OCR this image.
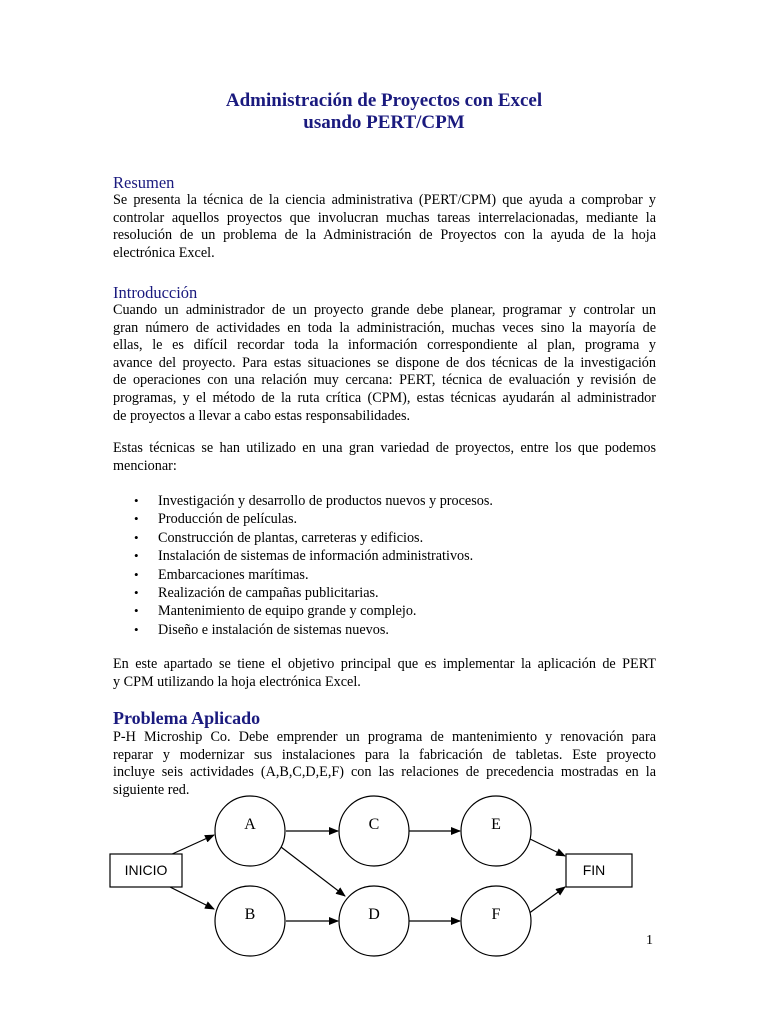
Administración de Proyectos con Excel
usando PERT/CPM
Resumen
Se presenta la técnica de la ciencia administrativa (PERT/CPM) que ayuda a comprobar y
controlar aquellos proyectos que involucran muchas tareas interrelacionadas, mediante la
resolución de un problema de la Administración de Proyectos con la ayuda de la hoja
electrónica Excel.
Introducción
Cuando un administrador de un proyecto grande debe planear, programar y controlar un
gran número de actividades en toda la administración, muchas veces sino la mayoría de
ellas, le es difícil recordar toda la información correspondiente al plan, programa y
avance del proyecto. Para estas situaciones se dispone de dos técnicas de la investigación
de operaciones con una relación muy cercana: PERT, técnica de evaluación y revisión de
programas, y el método de la ruta crítica (CPM), estas técnicas ayudarán al administrador
de proyectos a llevar a cabo estas responsabilidades.
Estas técnicas se han utilizado en una gran variedad de proyectos, entre los que podemos
mencionar:
• Investigación y desarrollo de productos nuevos y procesos.
• Producción de películas.
• Construcción de plantas, carreteras y edificios.
• Instalación de sistemas de información administrativos.
• Embarcaciones marítimas.
• Realización de campañas publicitarias.
• Mantenimiento de equipo grande y complejo.
• Diseño e instalación de sistemas nuevos.
En este apartado se tiene el objetivo principal que es implementar la aplicación de PERT
y CPM utilizando la hoja electrónica Excel.
Problema Aplicado
P-H Microship Co. Debe emprender un programa de mantenimiento y renovación para
reparar y modernizar sus instalaciones para la fabricación de tabletas. Este proyecto
incluye seis actividades (A,B,C,D,E,F) con las relaciones de precedencia mostradas en la
siguiente red.
INICIO	FIN
A
B
C
D
E
F
1
